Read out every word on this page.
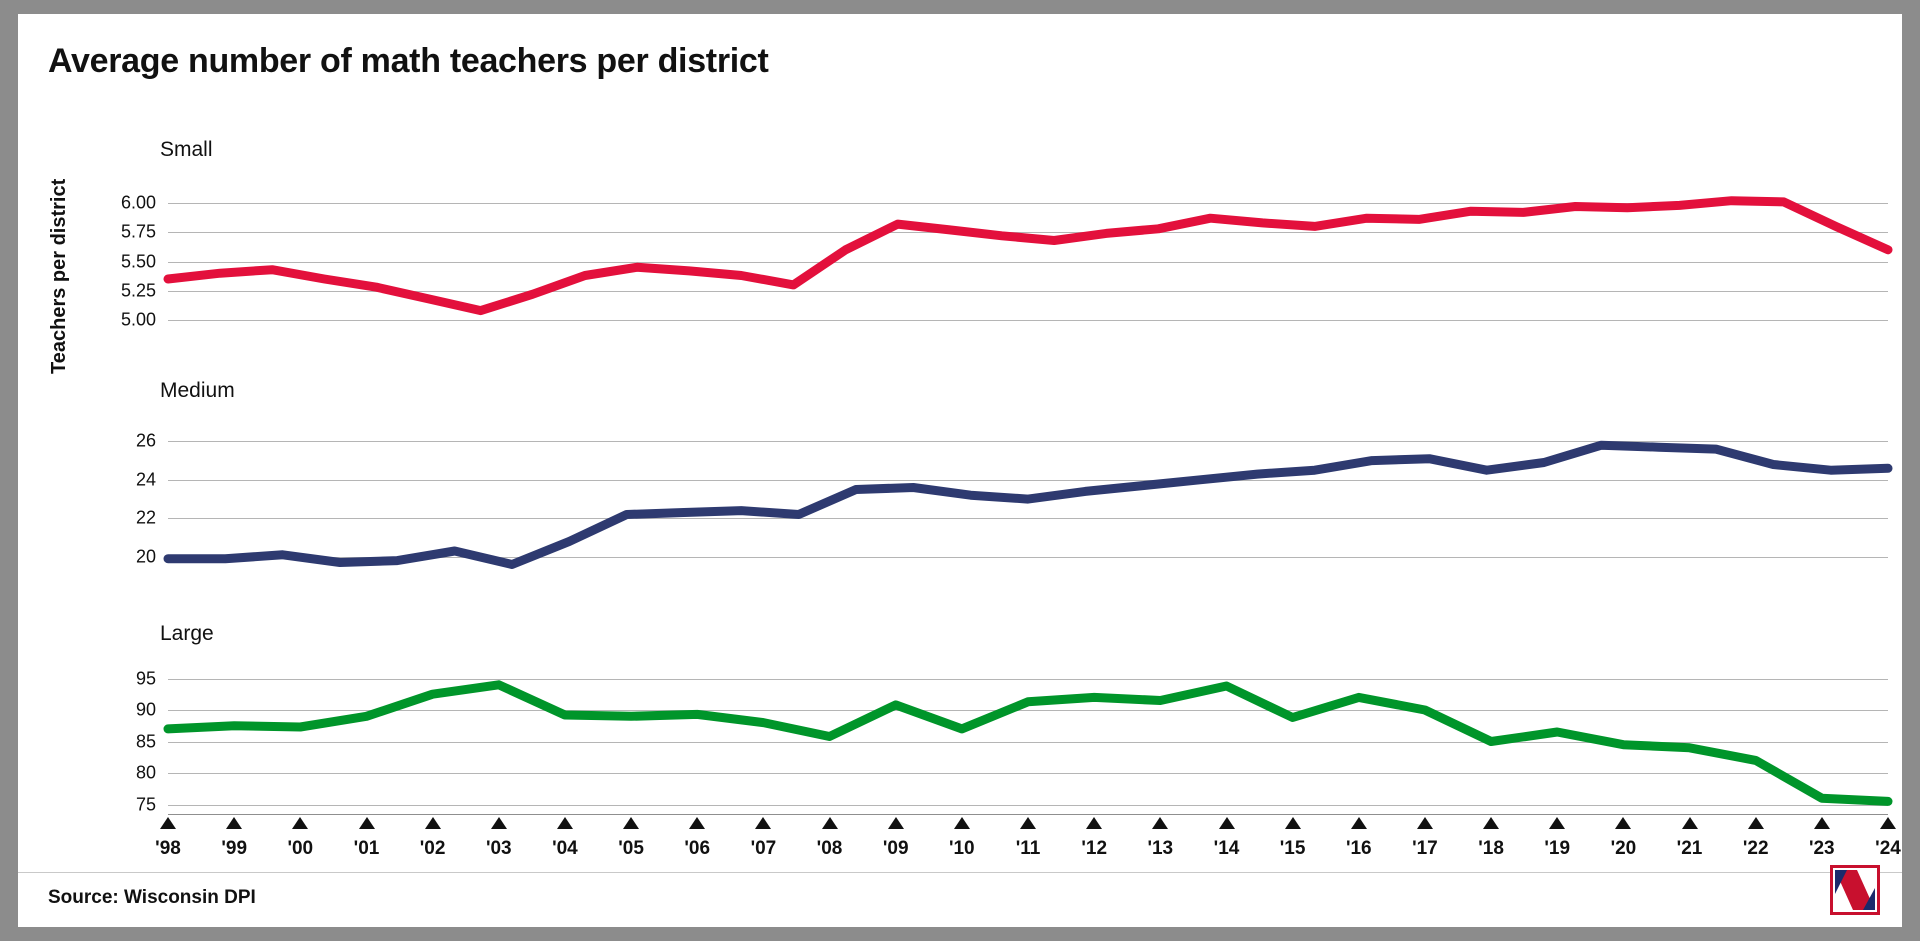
Average number of math teachers per district
Teachers per district
Small
Medium
Large
5.00
5.25
5.50
5.75
6.00
20
22
24
26
75
80
85
90
95
'98 '99 '00 '01 '02 '03 '04 '05 '06 '07 '08 '09 '10 '11 '12 '13 '14 '15 '16 '17 '18 '19 '20 '21 '22 '23 '24
Source: Wisconsin DPI
